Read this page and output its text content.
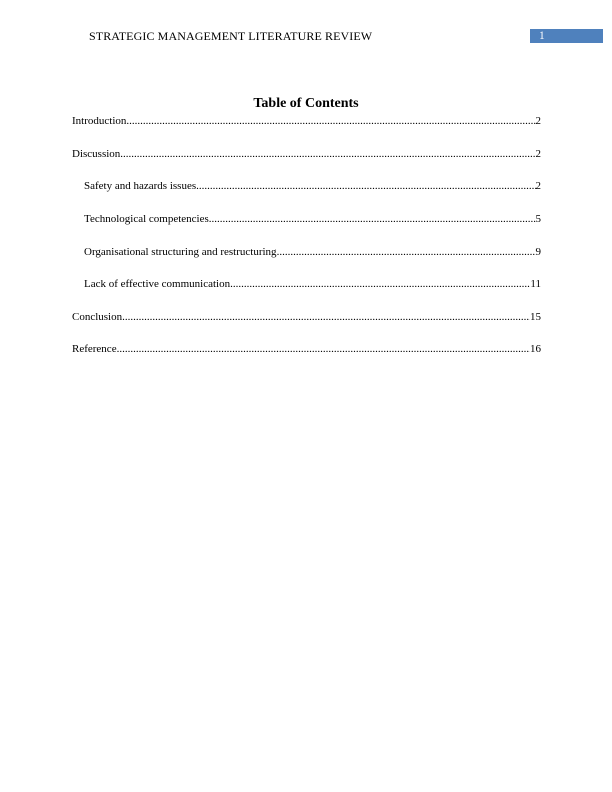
STRATEGIC MANAGEMENT LITERATURE REVIEW	1
Table of Contents
Introduction .....	2
Discussion .....	2
Safety and hazards issues .....	2
Technological competencies .....	5
Organisational structuring and restructuring .....	9
Lack of effective communication .....	11
Conclusion .....	15
Reference .....	16
